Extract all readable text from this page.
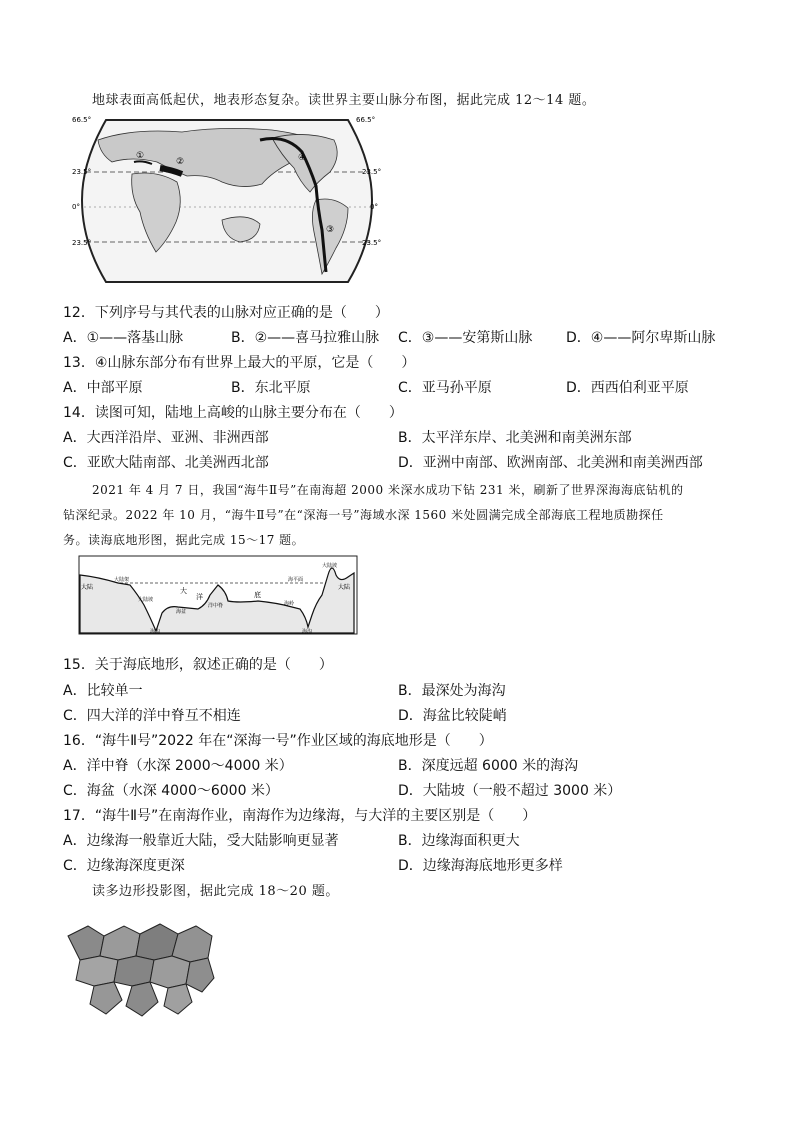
地球表面高低起伏，地表形态复杂。读世界主要山脉分布图，据此完成 12～14 题。
66.5°
23.5°
0°
23.5°
66.5°
23.5°
0°
23.5°
①
②
③
④
12．下列序号与其代表的山脉对应正确的是（　　）
A．①——落基山脉	B．②——喜马拉雅山脉 C．③——安第斯山脉 D．④——阿尔卑斯山脉
13．④山脉东部分布有世界上最大的平原，它是（　　）
A．中部平原	B．东北平原	C．亚马孙平原	D．西西伯利亚平原
14．读图可知，陆地上高峻的山脉主要分布在（　　）
A．大西洋沿岸、亚洲、非洲西部	B．太平洋东岸、北美洲和南美洲东部
C．亚欧大陆南部、北美洲西北部	D．亚洲中南部、欧洲南部、北美洲和南美洲西部
2021 年 4 月 7 日，我国“海牛Ⅱ号”在南海超 2000 米深水成功下钻 231 米，刷新了世界深海海底钻机的
钻深纪录。2022 年 10 月，“海牛Ⅱ号”在“深海一号”海域水深 1560 米处圆满完成全部海底工程地质勘探任
务。读海底地形图，据此完成 15～17 题。
大陆
大陆架
大陆坡
海沟
大
洋
海盆
洋中脊
底
海岭
海平面
海沟
大陆坡
大陆
15．关于海底地形，叙述正确的是（　　）
A．比较单一	B．最深处为海沟
C．四大洋的洋中脊互不相连	D．海盆比较陡峭
16．“海牛Ⅱ号”2022 年在“深海一号”作业区域的海底地形是（　　）
A．洋中脊（水深 2000～4000 米）	B．深度远超 6000 米的海沟
C．海盆（水深 4000～6000 米）	D．大陆坡（一般不超过 3000 米）
17．“海牛Ⅱ号”在南海作业，南海作为边缘海，与大洋的主要区别是（　　）
A．边缘海一般靠近大陆，受大陆影响更显著	B．边缘海面积更大
C．边缘海深度更深	D．边缘海海底地形更多样
读多边形投影图，据此完成 18～20 题。
